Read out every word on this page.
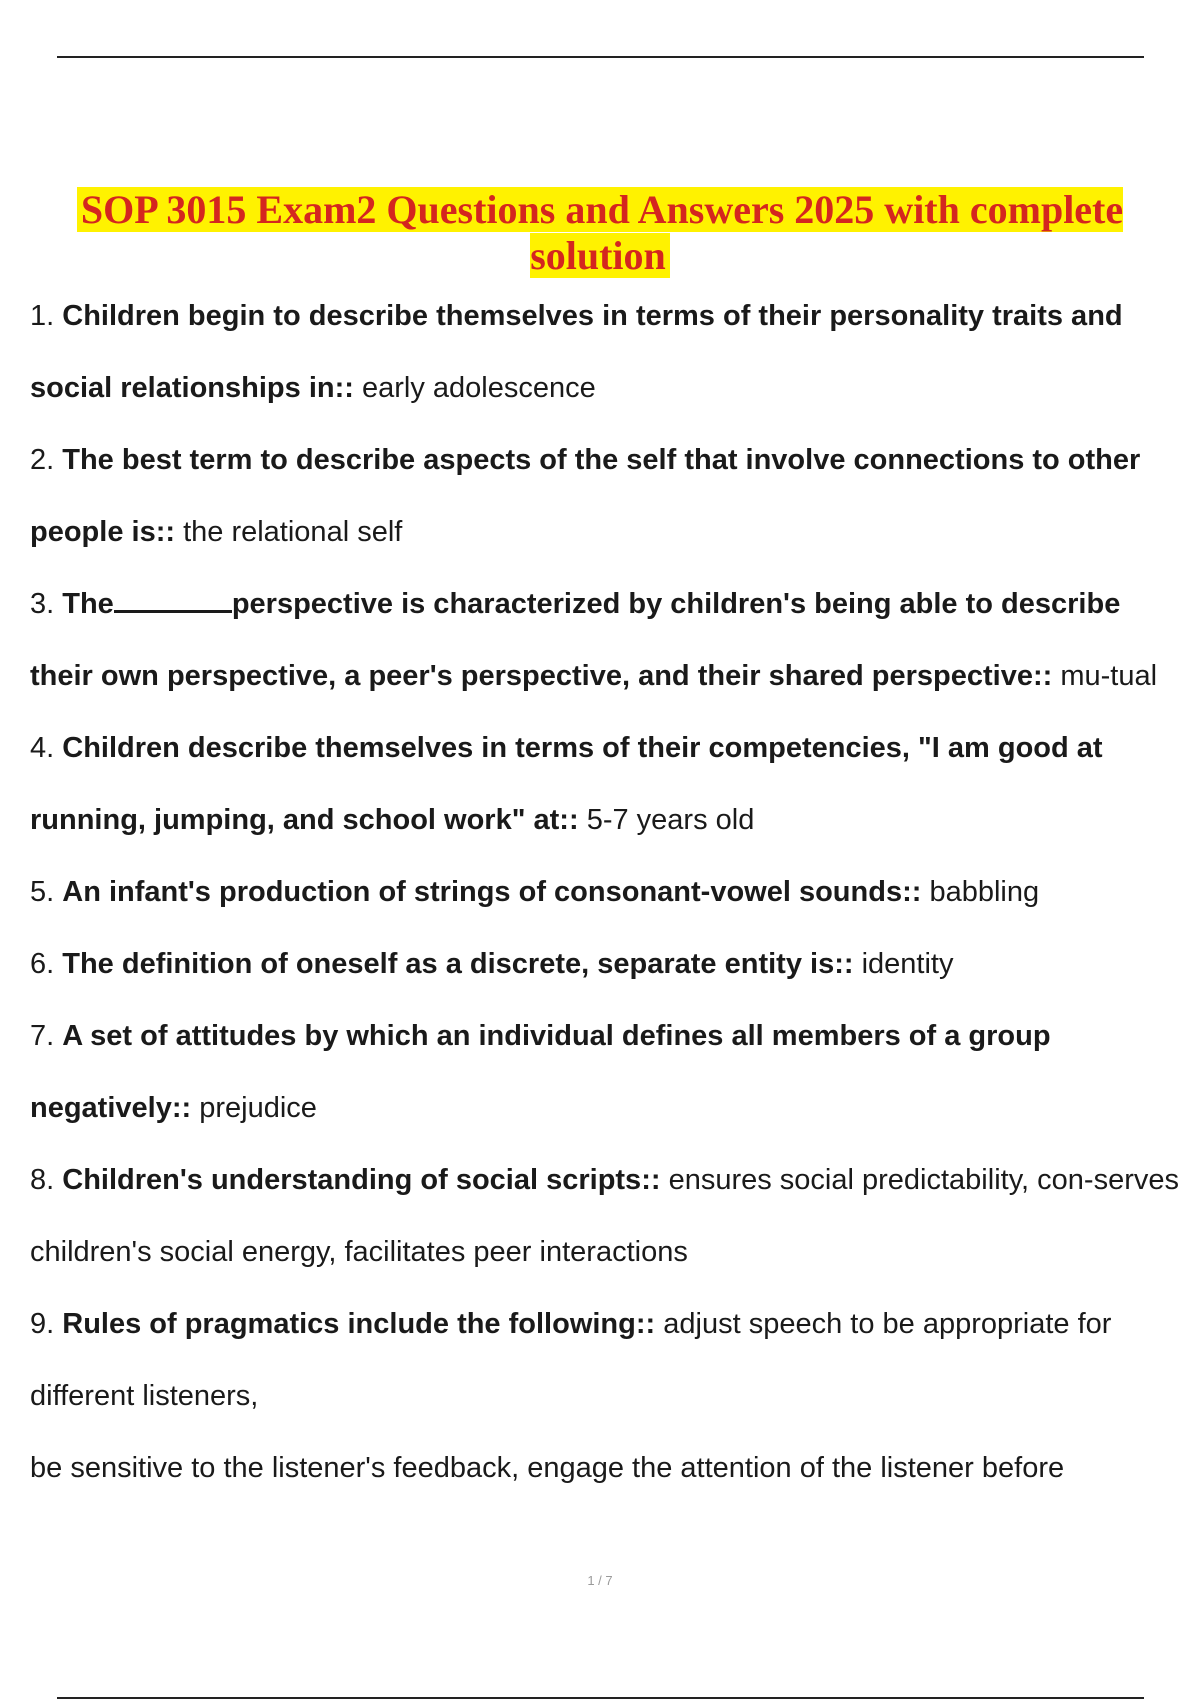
SOP 3015 Exam2 Questions and Answers 2025 with complete solution

1. Children begin to describe themselves in terms of their personality traits and social relationships in:: early adolescence

2. The best term to describe aspects of the self that involve connections to other people is:: the relational self

3. The	perspective is characterized by children's being able to describe their own perspective, a peer's perspective, and their shared perspective:: mu-tual

4. Children describe themselves in terms of their competencies, "I am good at running, jumping, and school work" at:: 5-7 years old

5. An infant's production of strings of consonant-vowel sounds:: babbling

6. The definition of oneself as a discrete, separate entity is:: identity

7. A set of attitudes by which an individual defines all members of a group negatively:: prejudice

8. Children's understanding of social scripts:: ensures social predictability, con-serves children's social energy, facilitates peer interactions

9. Rules of pragmatics include the following:: adjust speech to be appropriate for different listeners,

be sensitive to the listener's feedback, engage the attention of the listener before

1 / 7
